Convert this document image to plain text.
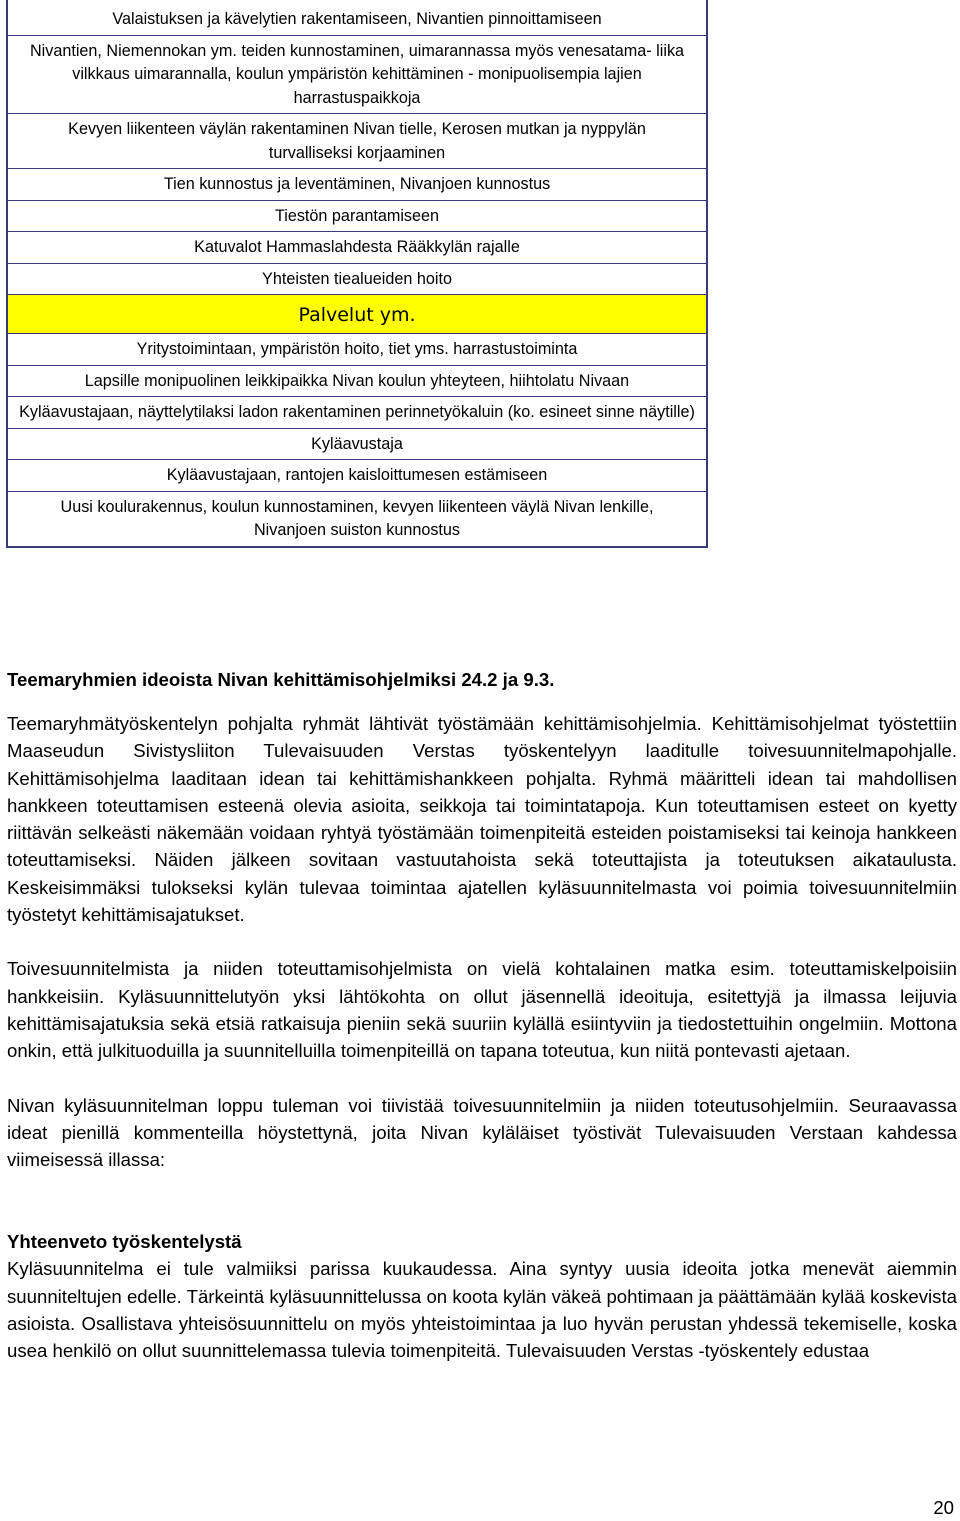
Valaistuksen ja kävelytien rakentamiseen, Nivantien pinnoittamiseen
Nivantien, Niemennokan ym. teiden kunnostaminen, uimarannassa myös venesatama- liika vilkkaus uimarannalla, koulun ympäristön kehittäminen - monipuolisempia lajien harrastuspaikkoja
Kevyen liikenteen väylän rakentaminen Nivan tielle, Kerosen mutkan ja nyppylän turvalliseksi korjaaminen
Tien kunnostus ja leventäminen, Nivanjoen kunnostus
Tiestön parantamiseen
Katuvalot Hammaslahdesta Rääkkylän rajalle
Yhteisten tiealueiden hoito
Palvelut ym.
Yritystoimintaan, ympäristön hoito, tiet yms. harrastustoiminta
Lapsille monipuolinen leikkipaikka Nivan koulun yhteyteen, hiihtolatu Nivaan
Kyläavustajaan, näyttelytilaksi ladon rakentaminen perinnetyökaluin (ko. esineet sinne näytille)
Kyläavustaja
Kyläavustajaan, rantojen kaisloittumesen estämiseen
Uusi koulurakennus, koulun kunnostaminen, kevyen liikenteen väylä Nivan lenkille, Nivanjoen suiston kunnostus
Teemaryhmien ideoista Nivan kehittämisohjelmiksi 24.2 ja 9.3.

Teemaryhmätyöskentelyn pohjalta ryhmät lähtivät työstämään kehittämisohjelmia. Kehittämisohjelmat työstettiin Maaseudun Sivistysliiton Tulevaisuuden Verstas työskentelyyn laaditulle toivesuunnitelmapohjalle. Kehittämisohjelma laaditaan idean tai kehittämishankkeen pohjalta. Ryhmä määritteli idean tai mahdollisen hankkeen toteuttamisen esteenä olevia asioita, seikkoja tai toimintatapoja. Kun toteuttamisen esteet on kyetty riittävän selkeästi näkemään voidaan ryhtyä työstämään toimenpiteitä esteiden poistamiseksi tai keinoja hankkeen toteuttamiseksi. Näiden jälkeen sovitaan vastuutahoista sekä toteuttajista ja toteutuksen aikataulusta. Keskeisimmäksi tulokseksi kylän tulevaa toimintaa ajatellen kyläsuunnitelmasta voi poimia toivesuunnitelmiin työstetyt kehittämisajatukset.

Toivesuunnitelmista ja niiden toteuttamisohjelmista on vielä kohtalainen matka esim. toteuttamiskelpoisiin hankkeisiin. Kyläsuunnittelutyön yksi lähtökohta on ollut jäsennellä ideoituja, esitettyjä ja ilmassa leijuvia kehittämisajatuksia sekä etsiä ratkaisuja pieniin sekä suuriin kylällä esiintyviin ja tiedostettuihin ongelmiin. Mottona onkin, että julkituoduilla ja suunnitelluilla toimenpiteillä on tapana toteutua, kun niitä pontevasti ajetaan.

Nivan kyläsuunnitelman loppu tuleman voi tiivistää toivesuunnitelmiin ja niiden toteutusohjelmiin. Seuraavassa ideat pienillä kommenteilla höystettynä, joita Nivan kyläläiset työstivät Tulevaisuuden Verstaan kahdessa viimeisessä illassa:

Yhteenveto työskentelystä

Kyläsuunnitelma ei tule valmiiksi parissa kuukaudessa. Aina syntyy uusia ideoita jotka menevät aiemmin suunniteltujen edelle. Tärkeintä kyläsuunnittelussa on koota kylän väkeä pohtimaan ja päättämään kylää koskevista asioista. Osallistava yhteisösuunnittelu on myös yhteistoimintaa ja luo hyvän perustan yhdessä tekemiselle, koska usea henkilö on ollut suunnittelemassa tulevia toimenpiteitä. Tulevaisuuden Verstas -työskentely edustaa

20
